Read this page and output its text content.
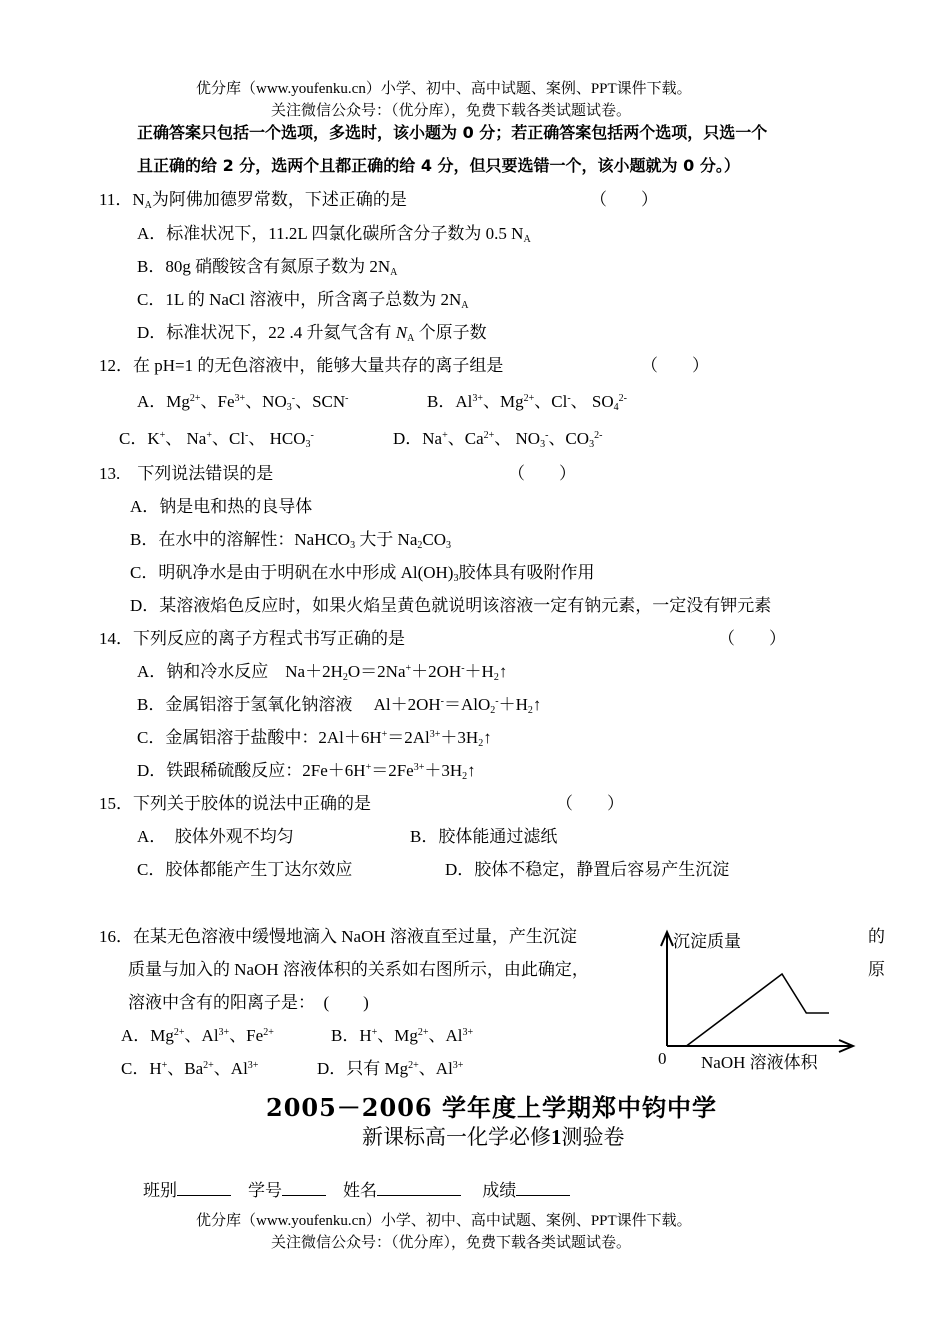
优分库（www.youfenku.cn）小学、初中、高中试题、案例、PPT课件下载。
关注微信公众号：（优分库），免费下载各类试题试卷。
正确答案只包括一个选项，多选时，该小题为 0 分；若正确答案包括两个选项，只选一个
且正确的给 2 分，选两个且都正确的给 4 分，但只要选错一个，该小题就为 0 分。）
11．$N_A$为阿佛加德罗常数，下述正确的是	（　　）
A．标准状况下，11.2L 四氯化碳所含分子数为 0.5 $N_A$
B．80g 硝酸铵含有氮原子数为 $2N_A$
C．1L 的 NaCl 溶液中，所含离子总数为 $2N_A$
D．标准状况下，22 .4 升氦气含有 $N_A$ 个原子数
12．在 pH=1 的无色溶液中，能够大量共存的离子组是	（　　）
A．$Mg^{2+}$、$Fe^{3+}$、$NO_3^-$、SCN-	B．$Al^{3+}$、$Mg^{2+}$、Cl-、 $SO_4^{2-}$
C．K+、 Na+、Cl-、 $HCO_3^-$	D．Na+、$Ca^{2+}$、 $NO_3^-$、$CO_3^{2-}$
13.　下列说法错误的是	（　　）
A．钠是电和热的良导体
B．在水中的溶解性：NaHCO$_3$ 大于 $Na_2CO_3$
C．明矾净水是由于明矾在水中形成 $Al(OH)_3$胶体具有吸附作用
D．某溶液焰色反应时，如果火焰呈黄色就说明该溶液一定有钠元素，一定没有钾元素
14．下列反应的离子方程式书写正确的是	（　　）
A．钠和冷水反应　$Na+2H_2O=2Na^++2OH^-+H_2↑$
B．金属铝溶于氢氧化钠溶液　 $Al+2OH^-=AlO_2^-+H_2↑$
C．金属铝溶于盐酸中：$2Al+6H^+=2Al^{3+}+3H_2↑$
D．铁跟稀硫酸反应：$2Fe+6H^+=2Fe^{3+}+3H_2↑$
15．下列关于胶体的说法中正确的是	（　　）
A．　胶体外观不均匀	B．胶体能通过滤纸
C．胶体都能产生丁达尔效应	D．胶体不稳定，静置后容易产生沉淀
16．在某无色溶液中缓慢地滴入 NaOH 溶液直至过量，产生沉淀	的
质量与加入的 NaOH 溶液体积的关系如右图所示，由此确定，	原
溶液中含有的阳离子是：　(　　)
A．$Mg^{2+}$、$Al^{3+}$、$Fe^{2+}$	B．H+、$Mg^{2+}$、$Al^{3+}$
C．H+、$Ba^{2+}$、$Al^{3+}$	D．只有 $Mg^{2+}$、$Al^{3+}$
沉淀质量
NaOH 溶液体积
0
2005－2006 学年度上学期郑中钧中学
新课标高一化学必修1测验卷
班别	学号	姓名	成绩
优分库（www.youfenku.cn）小学、初中、高中试题、案例、PPT课件下载。
关注微信公众号：（优分库），免费下载各类试题试卷。
